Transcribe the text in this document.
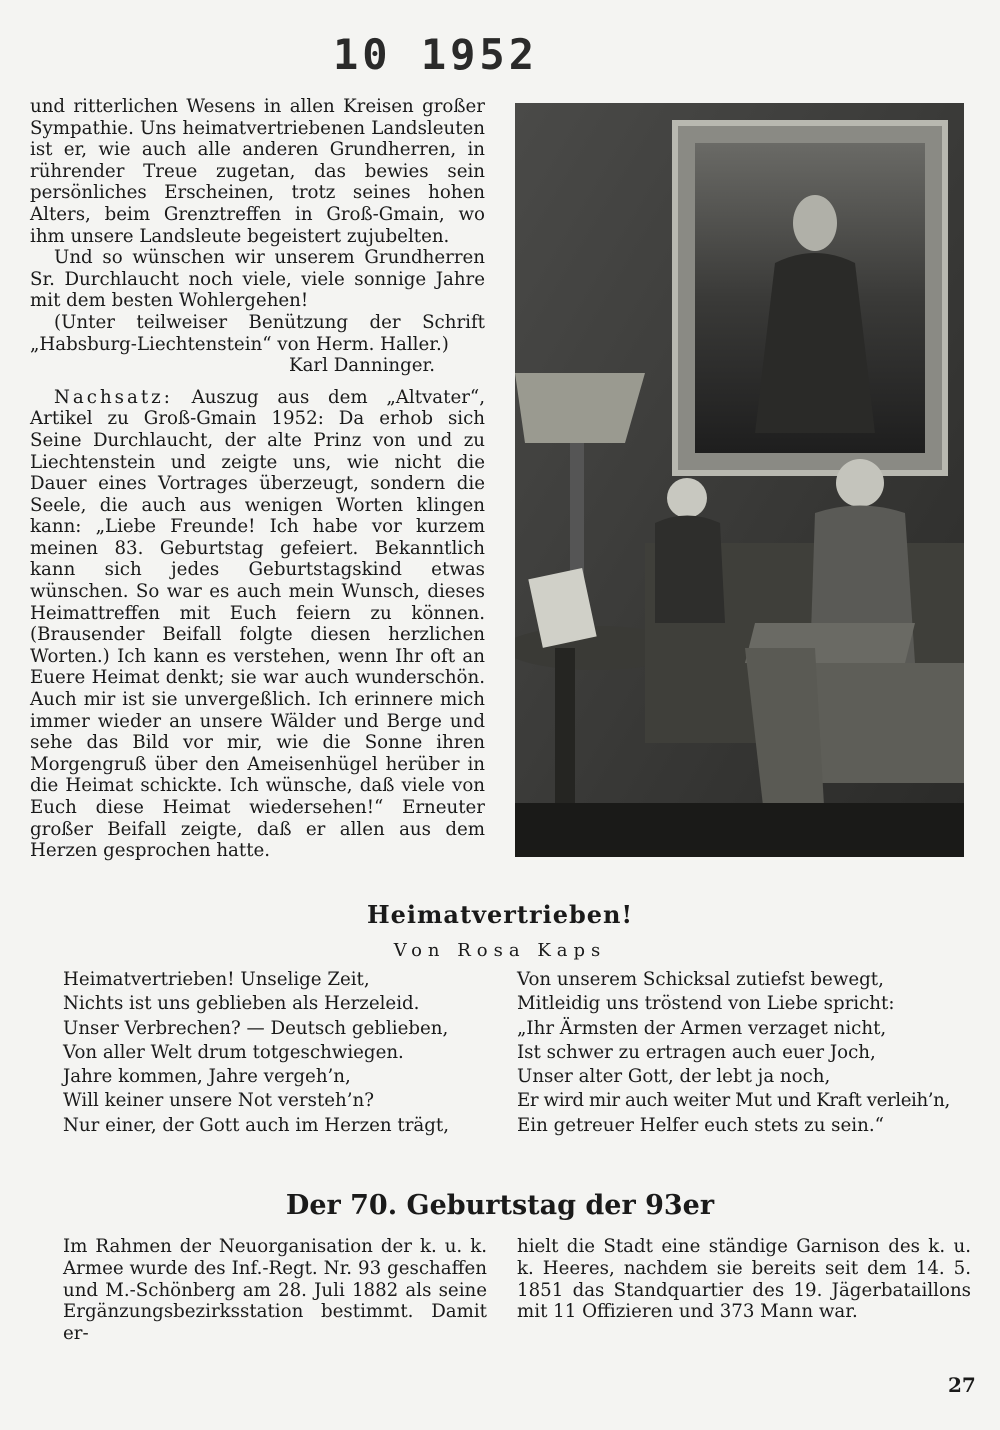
10 1952

und ritterlichen Wesens in allen Kreisen großer Sympathie. Uns heimatvertriebenen Landsleuten ist er, wie auch alle anderen Grundherren, in rührender Treue zugetan, das bewies sein persönliches Erscheinen, trotz seines hohen Alters, beim Grenztreffen in Groß-Gmain, wo ihm unsere Landsleute begeistert zujubelten.

Und so wünschen wir unserem Grundherren Sr. Durchlaucht noch viele, viele sonnige Jahre mit dem besten Wohlergehen!

(Unter teilweiser Benützung der Schrift „Habsburg-Liechtenstein“ von Herm. Haller.)

Karl Danninger.

Nachsatz: Auszug aus dem „Altvater“, Artikel zu Groß-Gmain 1952: Da erhob sich Seine Durchlaucht, der alte Prinz von und zu Liechtenstein und zeigte uns, wie nicht die Dauer eines Vortrages überzeugt, sondern die Seele, die auch aus wenigen Worten klingen kann: „Liebe Freunde! Ich habe vor kurzem meinen 83. Geburtstag gefeiert. Bekanntlich kann sich jedes Geburtstagskind etwas wünschen. So war es auch mein Wunsch, dieses Heimattreffen mit Euch feiern zu können. (Brausender Beifall folgte diesen herzlichen Worten.) Ich kann es verstehen, wenn Ihr oft an Euere Heimat denkt; sie war auch wunderschön. Auch mir ist sie unvergeßlich. Ich erinnere mich immer wieder an unsere Wälder und Berge und sehe das Bild vor mir, wie die Sonne ihren Morgengruß über den Ameisenhügel herüber in die Heimat schickte. Ich wünsche, daß viele von Euch diese Heimat wiedersehen!“ Erneuter großer Beifall zeigte, daß er allen aus dem Herzen gesprochen hatte.

Heimatvertrieben!
Von Rosa Kaps
Heimatvertrieben! Unselige Zeit,
Nichts ist uns geblieben als Herzeleid.
Unser Verbrechen? — Deutsch geblieben,
Von aller Welt drum totgeschwiegen.
Jahre kommen, Jahre vergeh’n,
Will keiner unsere Not versteh’n?
Nur einer, der Gott auch im Herzen trägt,
Von unserem Schicksal zutiefst bewegt,
Mitleidig uns tröstend von Liebe spricht:
„Ihr Ärmsten der Armen verzaget nicht,
Ist schwer zu ertragen auch euer Joch,
Unser alter Gott, der lebt ja noch,
Er wird mir auch weiter Mut und Kraft verleih’n,
Ein getreuer Helfer euch stets zu sein.“
Der 70. Geburtstag der 93er
Im Rahmen der Neuorganisation der k. u. k. Armee wurde des Inf.-Regt. Nr. 93 geschaffen und M.-Schönberg am 28. Juli 1882 als seine Ergänzungsbezirksstation bestimmt. Damit er-
hielt die Stadt eine ständige Garnison des k. u. k. Heeres, nachdem sie bereits seit dem 14. 5. 1851 das Standquartier des 19. Jägerbataillons mit 11 Offizieren und 373 Mann war.
27
